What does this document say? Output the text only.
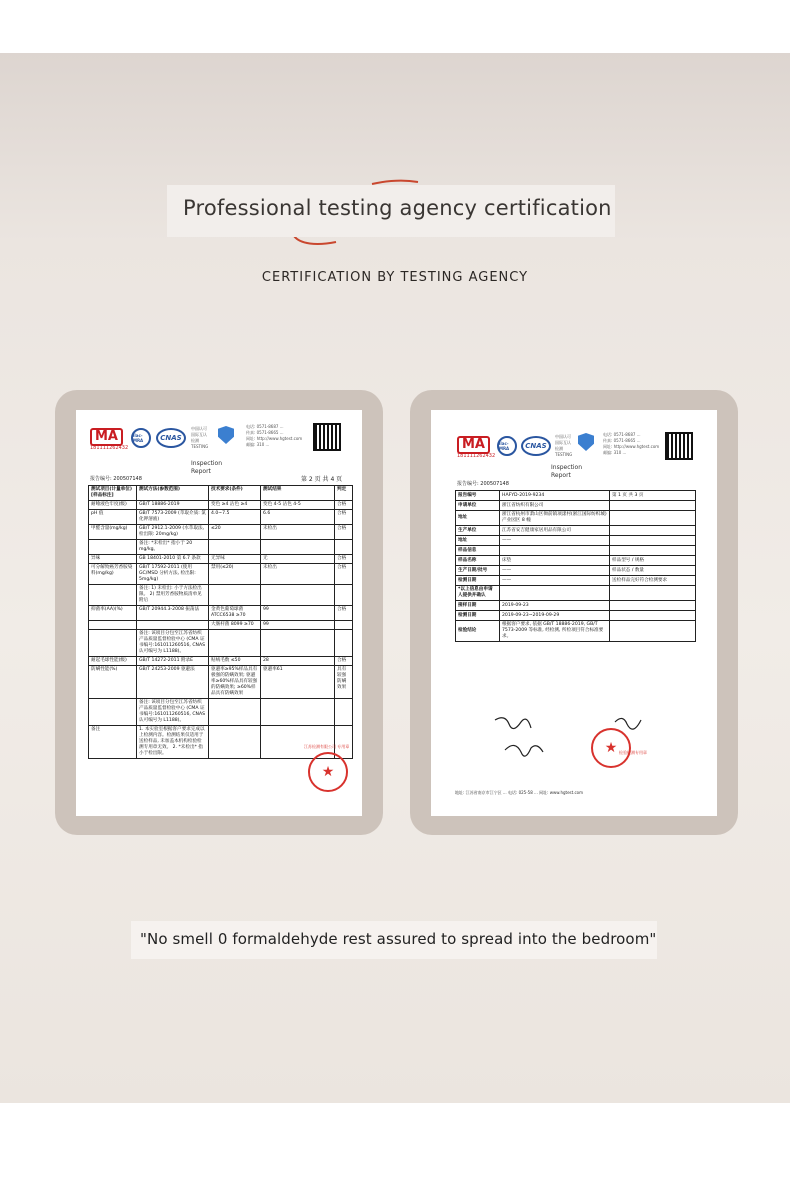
Professional testing agency certification
CERTIFICATION BY TESTING AGENCY
MA
181111262432
ilac-MRA	CNAS
中国认可
国际互认
检测
TESTING
电话: 0571-8687 ...
传真: 0571-8665 ...
网址: http://www.hgtest.com
邮编: 310 ...
Inspection
Report
报告编号: 200507148	第 2 页 共 4 页
测试项目(计量单位)[样品标注]	测试方法(参数范围)	技术要求(条件)	测试结果	判定
耐唾液色牢度(级)	GB/T 18886-2019	变色 ≥4 沾色 ≥4	变色 4-5 沾色 4-5	合格
pH 值	GB/T 7573-2009 (萃取介质: 氯化钾溶液)	4.0~7.5	6.6	合格
甲醛含量(mg/kg)	GB/T 2912.1-2009 (水萃取法, 检出限: 20mg/kg)	≤20	未检出	合格
	备注: *未检出* 指小于 20 mg/kg。			
异味	GB 18401-2010 第 6.7 条款	无异味	无	合格
可分解致癌芳香胺染料(mg/kg)	GB/T 17592-2011 (使用 GC/MSD 分析方法, 检出限: 5mg/kg)	禁用(≤20)	未检出	合格
	备注: 1) 未检出: 小于方法检出限。 2) 禁用芳香胺物质清单见附后			
抑菌率(AA)(%)	GB/T 20944.3-2008 振荡法	金黄色葡萄球菌 ATCC6538 ≥70	99	合格
		大肠杆菌 8099 ≥70	99	
	备注: 该项目分包至江苏省纺织产品质量监督检验中心 (CMA 证书编号:161011260516, CNAS 认可编号为 L1188)。			
耐起毛球性能(级)	GB/T 14272-2011 附录E	贴绒毛数 ≤50	28	合格
防螨性能(%)	GB/T 24253-2009 驱避法	驱避率≥95%样品具有极强的防螨效果; 驱避率≥60%样品具有较强的防螨效果; ≥60%样品具有防螨效果	驱避率61	具有较强防螨效果
	备注: 该项目分包至江苏省纺织产品质量监督检验中心 (CMA 证书编号:161011260516, CNAS 认可编号为 L1188)。			
备注	1. 本实验室根据客户要求完成以上检测内容。检测结果仅适用于送检样品, 未加盖本机构检验检测专用章无效。 2. *未检出* 指小于检出限。			
★
江苏检测有限公司 专用章
MA
181111262432
ilac-MRA	CNAS
中国认可
国际互认
检测
TESTING
电话: 0571-8687 ...
传真: 0571-8665 ...
网址: http://www.hgtest.com
邮编: 310 ...
Inspection
Report
报告编号: 200507148
报告编号	HAFYD-2019-9234	第 1 页 共 3 页
申请单位	浙江省纺织有限公司	
地址	浙江省杭州市萧山区衙前镇项漾村(浙江国际纺织城)产业园区 8 幢	
生产单位	江苏省安吉健康家居用品有限公司	
地址	——	
样品信息		
样品名称	床垫	样品型号 / 规格
生产日期/批号	——	样品状态 / 数量
检测日期	——	送检样品完好符合检测要求
*以上信息由申请人提供并确认		
接样日期	2019-09-23	
检测日期	2019-09-23~2019-09-29	
检验结论	根据客户要求, 依据 GB/T 18886-2019, GB/T 7573-2009 等标准, 经检测, 所检项目符合标准要求。	
★ 检验检测专用章
地址: 江苏省南京市江宁区 ... 电话: 025-58 ... 网址: www.hgtest.com
"No smell 0 formaldehyde rest assured to spread into the bedroom"
